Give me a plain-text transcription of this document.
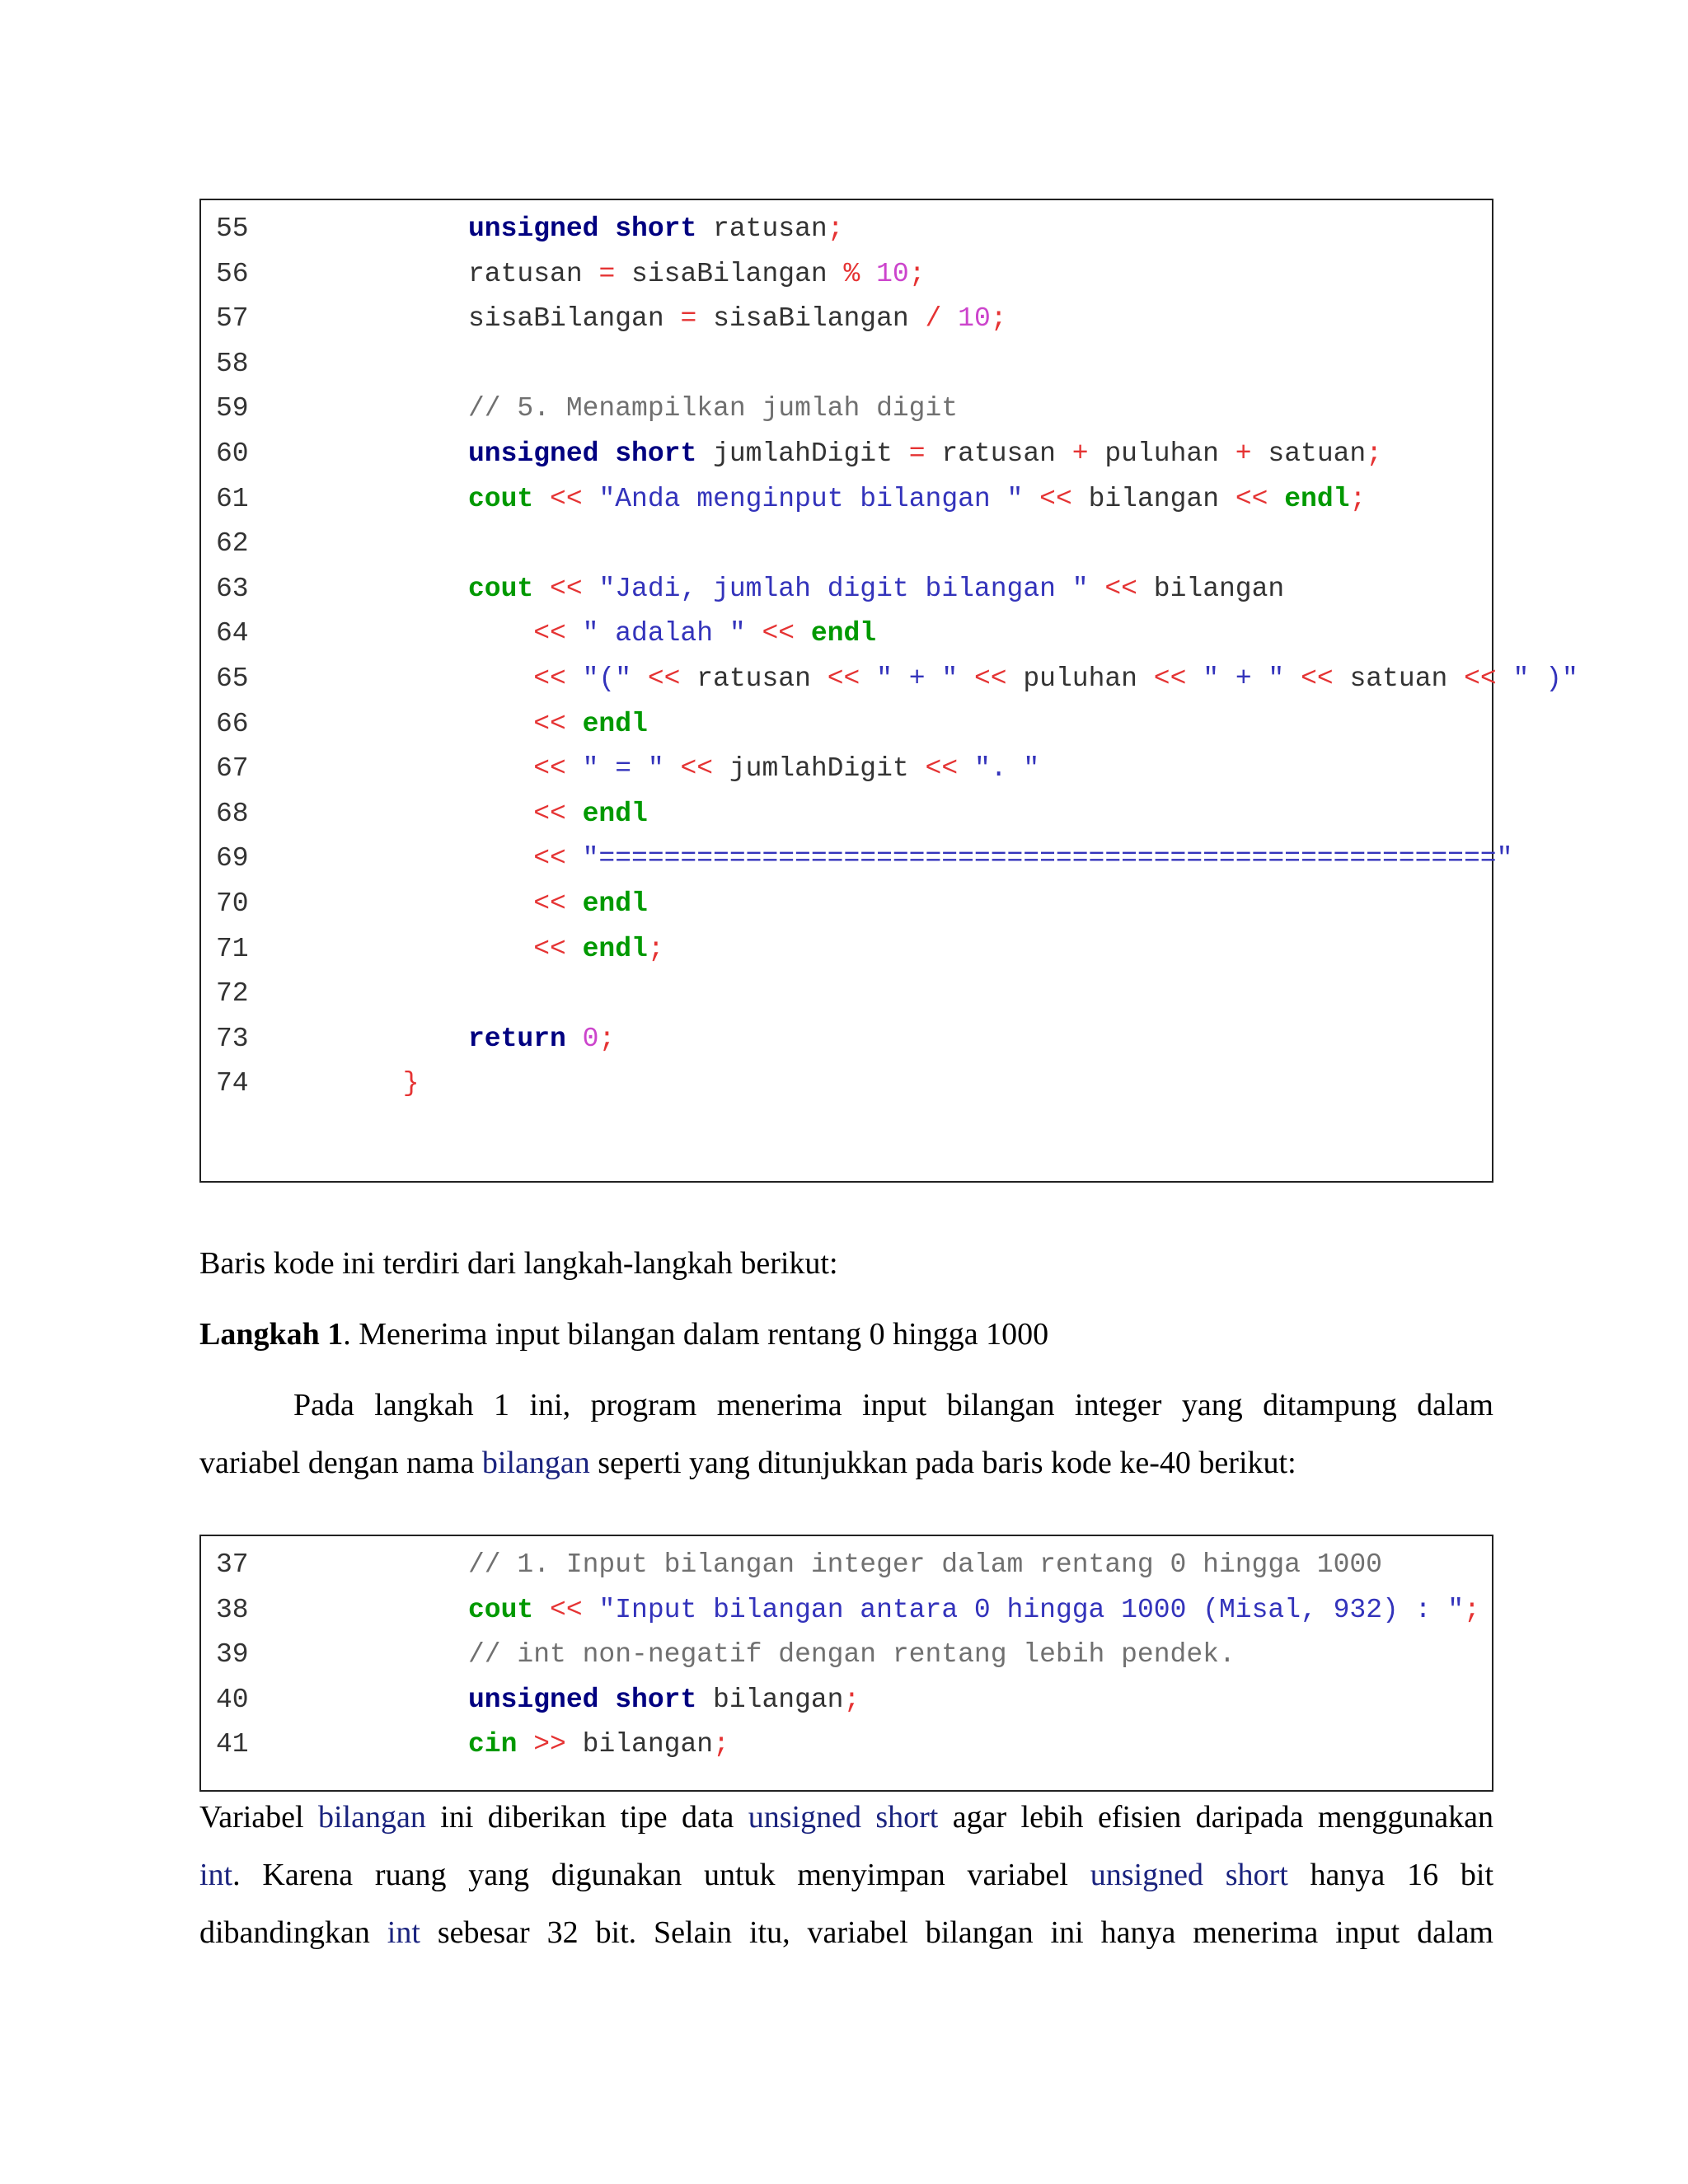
55	unsigned short ratusan;
56	ratusan = sisaBilangan % 10;
57	sisaBilangan = sisaBilangan / 10;
58
59	// 5. Menampilkan jumlah digit
60	unsigned short jumlahDigit = ratusan + puluhan + satuan;
61	cout << "Anda menginput bilangan " << bilangan << endl;
62
63	cout << "Jadi, jumlah digit bilangan " << bilangan
64	<< " adalah " << endl
65	<< "(" << ratusan << " + " << puluhan << " + " << satuan << " )"
66	<< endl
67	<< " = " << jumlahDigit << ". "
68	<< endl
69	<< "======================================================="
70	<< endl
71	<< endl;
72
73	return 0;
74	}
Baris kode ini terdiri dari langkah-langkah berikut:
Langkah 1. Menerima input bilangan dalam rentang 0 hingga 1000
Pada langkah 1 ini, program menerima input bilangan integer yang ditampung dalam
variabel dengan nama bilangan seperti yang ditunjukkan pada baris kode ke-40 berikut:
37	// 1. Input bilangan integer dalam rentang 0 hingga 1000
38	cout << "Input bilangan antara 0 hingga 1000 (Misal, 932) : ";
39	// int non-negatif dengan rentang lebih pendek.
40	unsigned short bilangan;
41	cin >> bilangan;
Variabel bilangan ini diberikan tipe data unsigned short agar lebih efisien daripada menggunakan
int. Karena ruang yang digunakan untuk menyimpan variabel unsigned short hanya 16 bit
dibandingkan int sebesar 32 bit. Selain itu, variabel bilangan ini hanya menerima input dalam
